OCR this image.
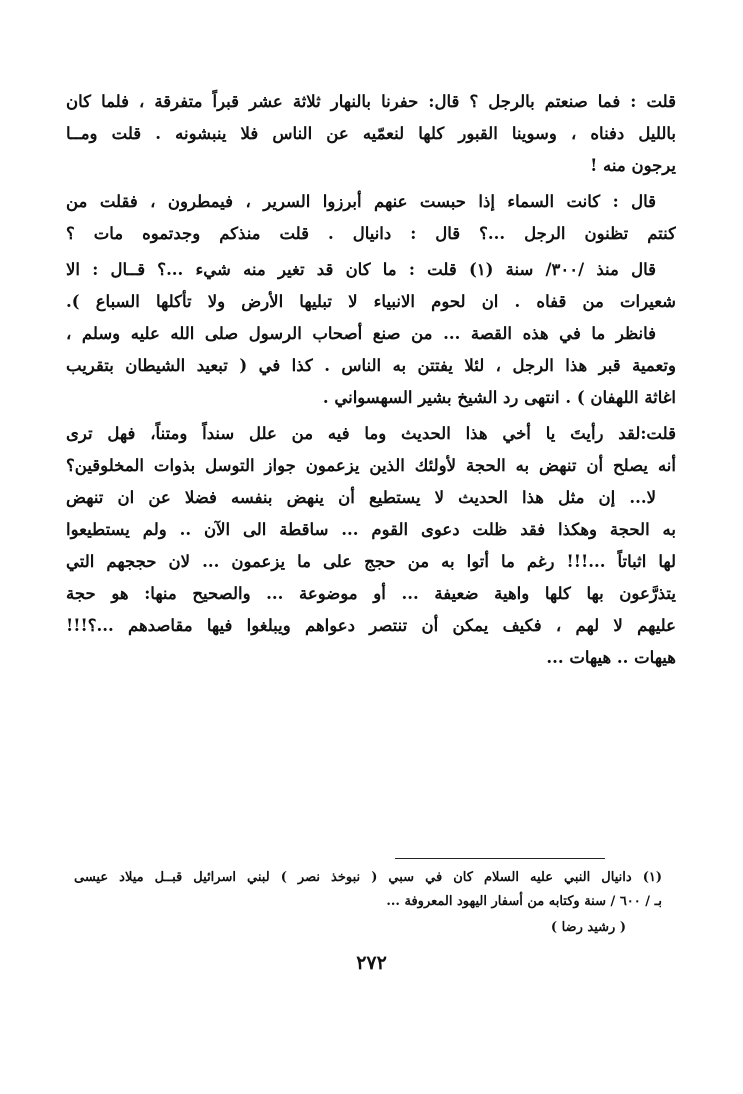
قلت : فما صنعتم بالرجل ؟ قال: حفرنا بالنهار ثلاثة عشر قبراً متفرقة ، فلما كان
بالليل دفناه ، وسوينا القبور كلها لنعمّيه عن الناس فلا ينبشونه . قلت ومــا
يرجون منه !
قال : كانت السماء إذا حبست عنهم أبرزوا السرير ، فيمطرون ، فقلت من
كنتم تظنون الرجل ...؟ قال : دانيال . قلت منذكم وجدتموه مات ؟
قال منذ /٣٠٠/ سنة (١) قلت : ما كان قد تغير منه شيء ...؟ قــال : الا
شعيرات من قفاه . ان لحوم الانبياء لا تبليها الأرض ولا تأكلها السباع ).
فانظر ما في هذه القصة ... من صنع أصحاب الرسول صلى الله عليه وسلم ،
وتعمية قبر هذا الرجل ، لئلا يفتتن به الناس . كذا في ( تبعيد الشيطان بتقريب
اغاثة اللهفان ) . انتهى رد الشيخ بشير السهسواني .
قلت:لقد رأيتَ يا أخي هذا الحديث وما فيه من علل سنداً ومتناً، فهل ترى
أنه يصلح أن تنهض به الحجة لأولئك الذين يزعمون جواز التوسل بذوات المخلوقين؟
لا... إن مثل هذا الحديث لا يستطيع أن ينهض بنفسه فضلا عن ان تنهض
به الحجة وهكذا فقد ظلت دعوى القوم ... ساقطة الى الآن .. ولم يستطيعوا
لها اثباتاً ...!!! رغم ما أتوا به من حجج على ما يزعمون ... لان حججهم التي
يتذرَّعون بها كلها واهية ضعيفة ... أو موضوعة ... والصحيح منها: هو حجة
عليهم لا لهم ، فكيف يمكن أن تنتصر دعواهم ويبلغوا فيها مقاصدهم ...؟!!!
هيهات .. هيهات ...
(١) دانيال النبي عليه السلام كان في سبي ( نبوخذ نصر ) لبني اسرائيل قبــل ميلاد عيسى
بـ / ٦٠٠ / سنة وكتابه من أسفار اليهود المعروفة ...
( رشيد رضا )
٢٧٢
